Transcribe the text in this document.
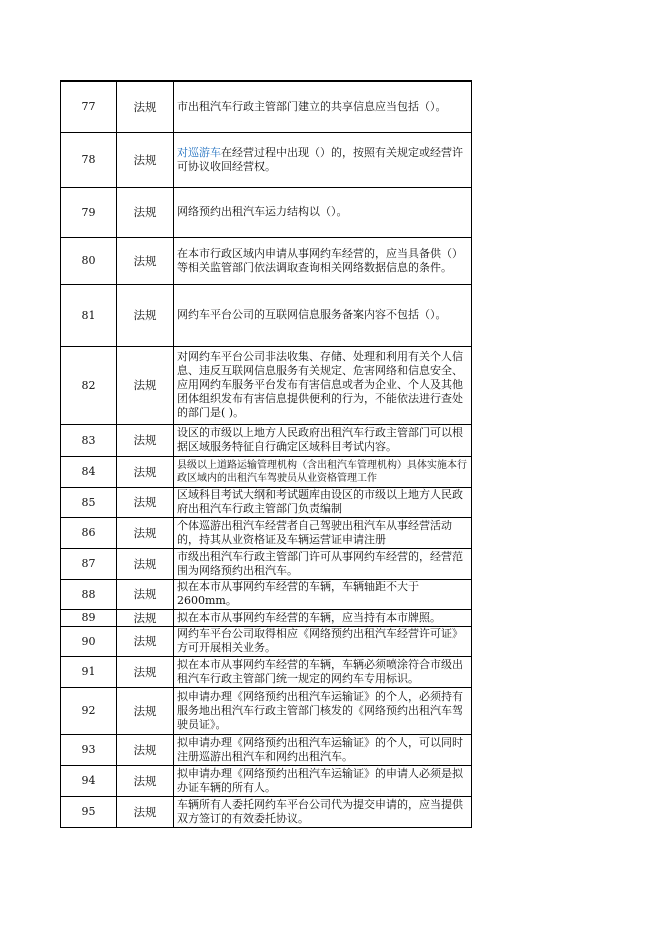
77	法规	市出租汽车行政主管部门建立的共享信息应当包括（）。
78	法规	对巡游车在经营过程中出现（）的，按照有关规定或经营许可协议收回经营权。
79	法规	网络预约出租汽车运力结构以（）。
80	法规	在本市行政区域内申请从事网约车经营的，应当具备供（）等相关监管部门依法调取查询相关网络数据信息的条件。
81	法规	网约车平台公司的互联网信息服务备案内容不包括（）。
82	法规	对网约车平台公司非法收集、存储、处理和利用有关个人信息、违反互联网信息服务有关规定、危害网络和信息安全、应用网约车服务平台发布有害信息或者为企业、个人及其他团体组织发布有害信息提供便利的行为，不能依法进行查处的部门是( )。
83	法规	设区的市级以上地方人民政府出租汽车行政主管部门可以根据区域服务特征自行确定区域科目考试内容。
84	法规	县级以上道路运输管理机构（含出租汽车管理机构）具体实施本行政区域内的出租汽车驾驶员从业资格管理工作
85	法规	区域科目考试大纲和考试题库由设区的市级以上地方人民政府出租汽车行政主管部门负责编制
86	法规	个体巡游出租汽车经营者自己驾驶出租汽车从事经营活动的，持其从业资格证及车辆运营证申请注册
87	法规	市级出租汽车行政主管部门许可从事网约车经营的，经营范围为网络预约出租汽车。
88	法规	拟在本市从事网约车经营的车辆，车辆轴距不大于2600mm。
89	法规	拟在本市从事网约车经营的车辆，应当持有本市牌照。
90	法规	网约车平台公司取得相应《网络预约出租汽车经营许可证》方可开展相关业务。
91	法规	拟在本市从事网约车经营的车辆，车辆必须喷涂符合市级出租汽车行政主管部门统一规定的网约车专用标识。
92	法规	拟申请办理《网络预约出租汽车运输证》的个人，必须持有服务地出租汽车行政主管部门核发的《网络预约出租汽车驾驶员证》。
93	法规	拟申请办理《网络预约出租汽车运输证》的个人，可以同时注册巡游出租汽车和网约出租汽车。
94	法规	拟申请办理《网络预约出租汽车运输证》的申请人必须是拟办证车辆的所有人。
95	法规	车辆所有人委托网约车平台公司代为提交申请的，应当提供双方签订的有效委托协议。
